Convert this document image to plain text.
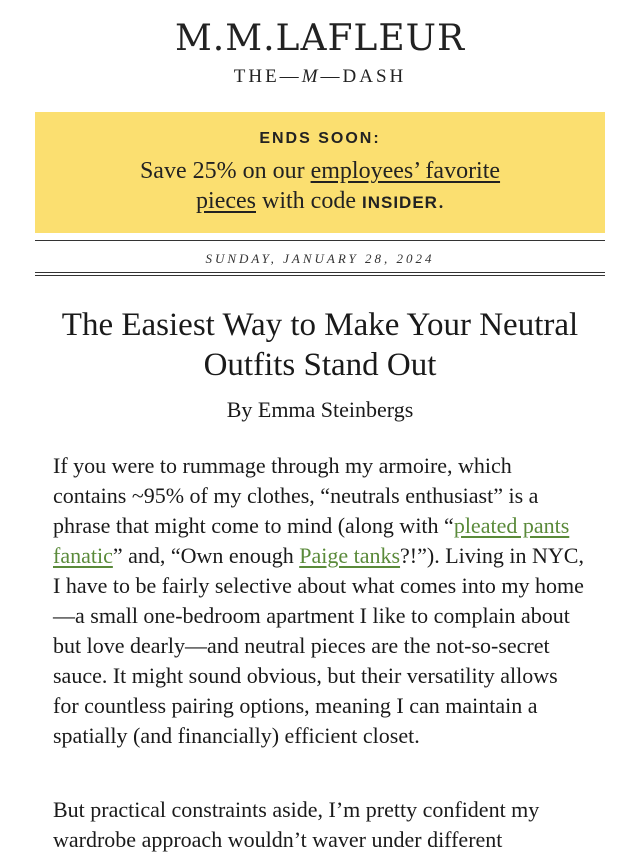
M.M.LAFLEUR
THE—M—DASH
ENDS SOON:
Save 25% on our employees’ favorite pieces with code INSIDER.
SUNDAY, JANUARY 28, 2024
The Easiest Way to Make Your Neutral Outfits Stand Out
By Emma Steinbergs

If you were to rummage through my armoire, which contains ~95% of my clothes, “neutrals enthusiast” is a phrase that might come to mind (along with “pleated pants fanatic” and, “Own enough Paige tanks?!”). Living in NYC, I have to be fairly selective about what comes into my home—a small one-bedroom apartment I like to complain about but love dearly—and neutral pieces are the not-so-secret sauce. It might sound obvious, but their versatility allows for countless pairing options, meaning I can maintain a spatially (and financially) efficient closet.

But practical constraints aside, I’m pretty confident my wardrobe approach wouldn’t waver under different
